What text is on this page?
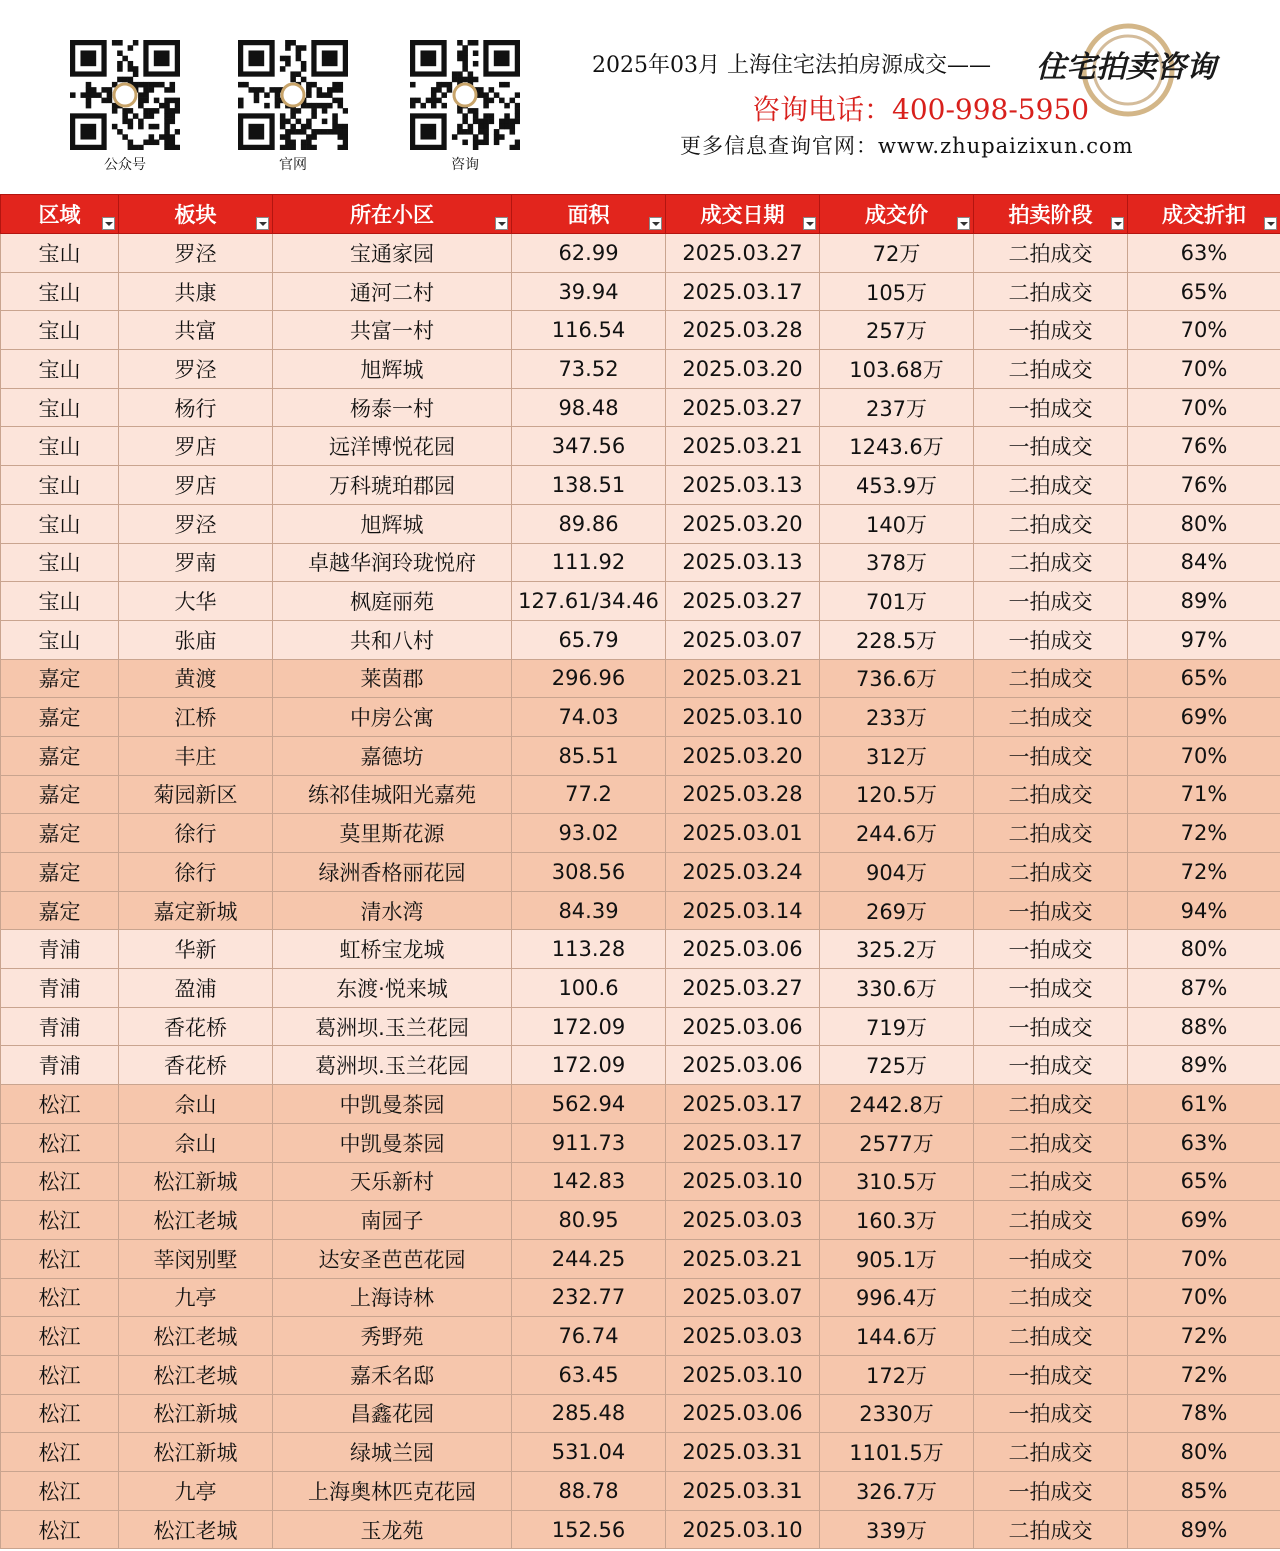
公众号	官网	咨询
2025年03月 上海住宅法拍房源成交—— 住宅拍卖咨询
咨询电话：400-998-5950
更多信息查询官网：www.zhupaizixun.com
区域	板块	所在小区	面积	成交日期	成交价	拍卖阶段	成交折扣

宝山	罗泾	宝通家园	62.99	2025.03.27	72万	二拍成交	63%
宝山	共康	通河二村	39.94	2025.03.17	105万	二拍成交	65%
宝山	共富	共富一村	116.54	2025.03.28	257万	一拍成交	70%
宝山	罗泾	旭辉城	73.52	2025.03.20	103.68万	二拍成交	70%
宝山	杨行	杨泰一村	98.48	2025.03.27	237万	一拍成交	70%
宝山	罗店	远洋博悦花园	347.56	2025.03.21	1243.6万	一拍成交	76%
宝山	罗店	万科琥珀郡园	138.51	2025.03.13	453.9万	二拍成交	76%
宝山	罗泾	旭辉城	89.86	2025.03.20	140万	二拍成交	80%
宝山	罗南	卓越华润玲珑悦府	111.92	2025.03.13	378万	二拍成交	84%
宝山	大华	枫庭丽苑	127.61/34.46	2025.03.27	701万	一拍成交	89%
宝山	张庙	共和八村	65.79	2025.03.07	228.5万	一拍成交	97%
嘉定	黄渡	莱茵郡	296.96	2025.03.21	736.6万	二拍成交	65%
嘉定	江桥	中房公寓	74.03	2025.03.10	233万	二拍成交	69%
嘉定	丰庄	嘉德坊	85.51	2025.03.20	312万	一拍成交	70%
嘉定	菊园新区	练祁佳城阳光嘉苑	77.2	2025.03.28	120.5万	二拍成交	71%
嘉定	徐行	莫里斯花源	93.02	2025.03.01	244.6万	二拍成交	72%
嘉定	徐行	绿洲香格丽花园	308.56	2025.03.24	904万	二拍成交	72%
嘉定	嘉定新城	清水湾	84.39	2025.03.14	269万	一拍成交	94%
青浦	华新	虹桥宝龙城	113.28	2025.03.06	325.2万	一拍成交	80%
青浦	盈浦	东渡·悦来城	100.6	2025.03.27	330.6万	一拍成交	87%
青浦	香花桥	葛洲坝.玉兰花园	172.09	2025.03.06	719万	一拍成交	88%
青浦	香花桥	葛洲坝.玉兰花园	172.09	2025.03.06	725万	一拍成交	89%
松江	佘山	中凯曼茶园	562.94	2025.03.17	2442.8万	二拍成交	61%
松江	佘山	中凯曼茶园	911.73	2025.03.17	2577万	二拍成交	63%
松江	松江新城	天乐新村	142.83	2025.03.10	310.5万	二拍成交	65%
松江	松江老城	南园子	80.95	2025.03.03	160.3万	二拍成交	69%
松江	莘闵别墅	达安圣芭芭花园	244.25	2025.03.21	905.1万	一拍成交	70%
松江	九亭	上海诗林	232.77	2025.03.07	996.4万	二拍成交	70%
松江	松江老城	秀野苑	76.74	2025.03.03	144.6万	二拍成交	72%
松江	松江老城	嘉禾名邸	63.45	2025.03.10	172万	一拍成交	72%
松江	松江新城	昌鑫花园	285.48	2025.03.06	2330万	一拍成交	78%
松江	松江新城	绿城兰园	531.04	2025.03.31	1101.5万	二拍成交	80%
松江	九亭	上海奥林匹克花园	88.78	2025.03.31	326.7万	一拍成交	85%
松江	松江老城	玉龙苑	152.56	2025.03.10	339万	二拍成交	89%
